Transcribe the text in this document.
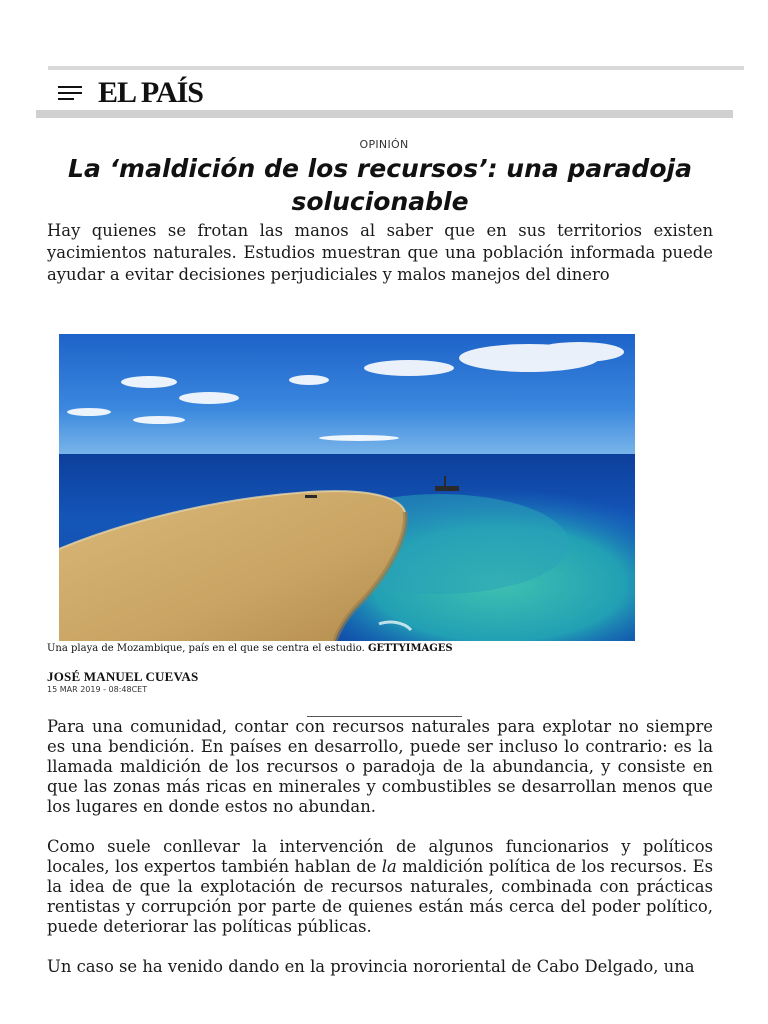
EL PAÍS
OPINIÓN
La ‘maldición de los recursos’: una paradoja solucionable

Hay quienes se frotan las manos al saber que en sus territorios existen yacimientos naturales. Estudios muestran que una población informada puede ayudar a evitar decisiones perjudiciales y malos manejos del dinero

Una playa de Mozambique, país en el que se centra el estudio. GETTYIMAGES
JOSÉ MANUEL CUEVAS
15 MAR 2019 - 08:48CET

Para una comunidad, contar con recursos naturales para explotar no siempre es una bendición. En países en desarrollo, puede ser incluso lo contrario: es la llamada maldición de los recursos o paradoja de la abundancia, y consiste en que las zonas más ricas en minerales y combustibles se desarrollan menos que los lugares en donde estos no abundan.

Como suele conllevar la intervención de algunos funcionarios y políticos locales, los expertos también hablan de la maldición política de los recursos. Es la idea de que la explotación de recursos naturales, combinada con prácticas rentistas y corrupción por parte de quienes están más cerca del poder político, puede deteriorar las políticas públicas.

Un caso se ha venido dando en la provincia nororiental de Cabo Delgado, una
